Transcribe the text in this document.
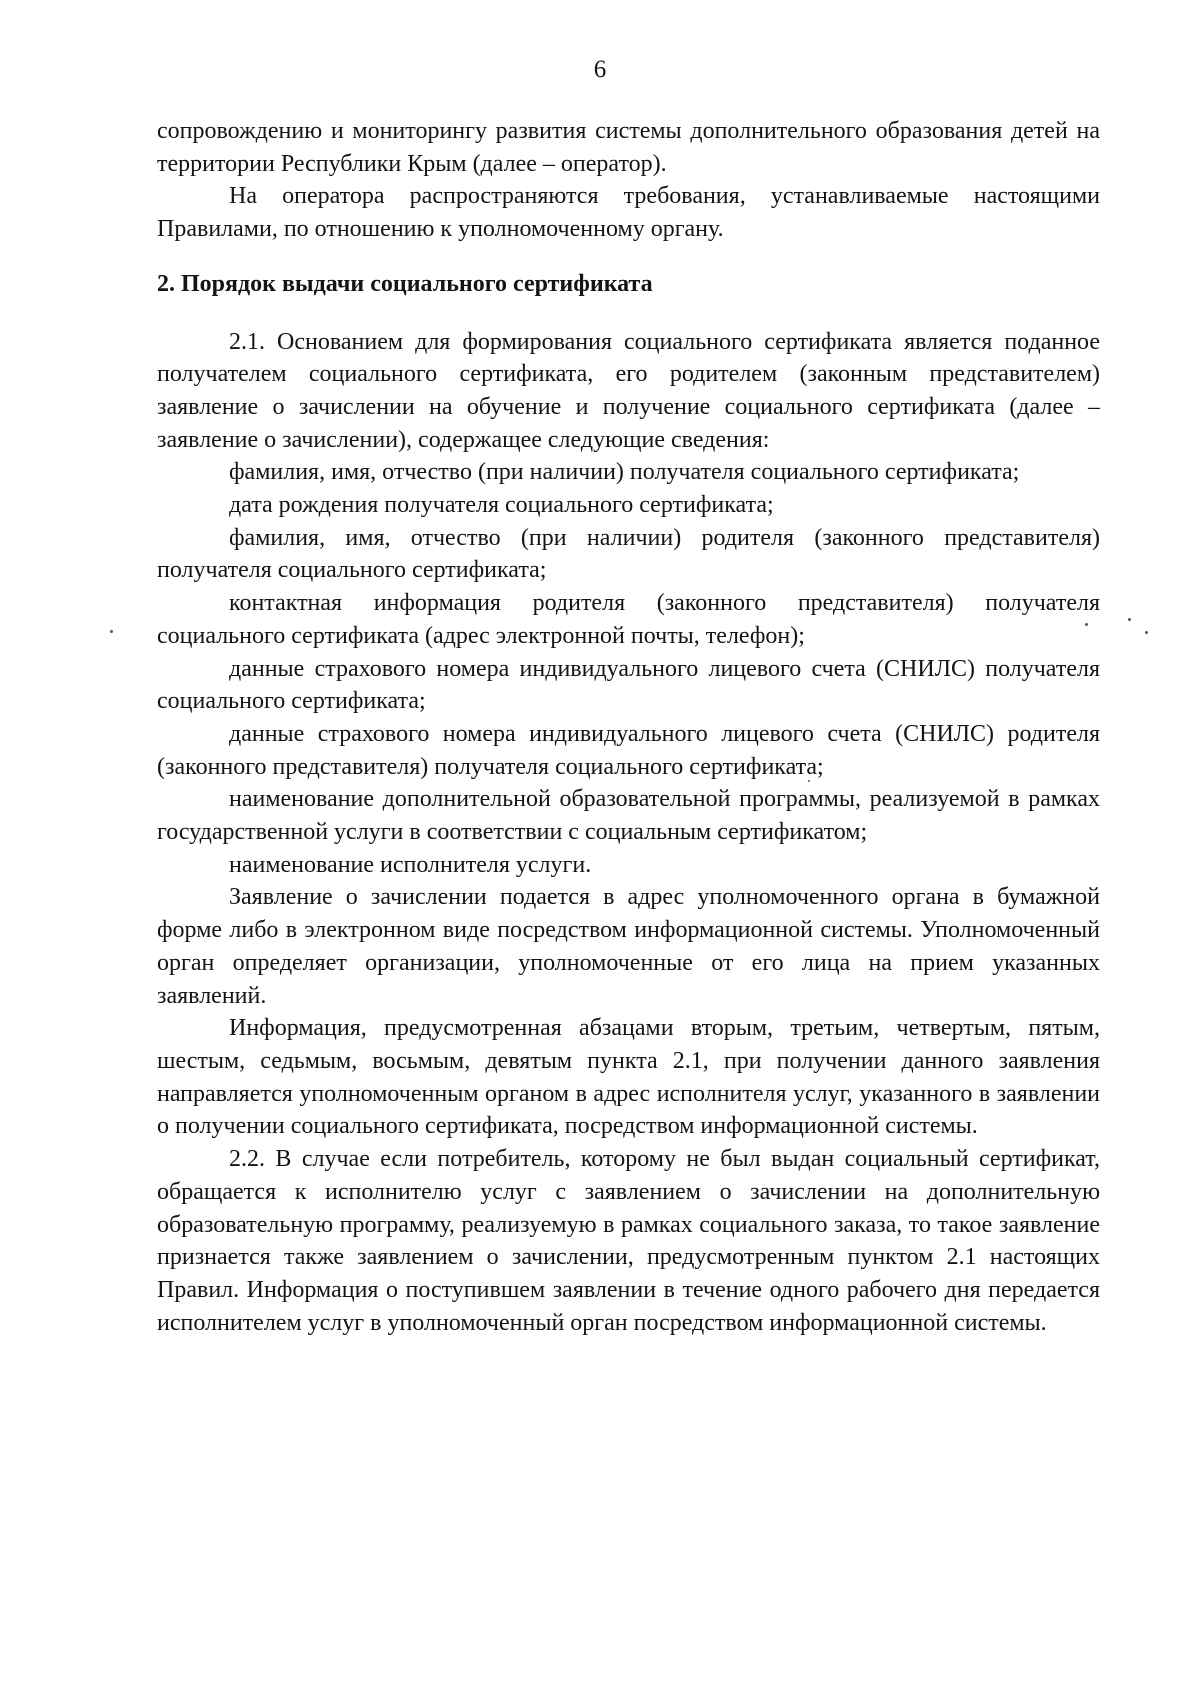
6

сопровождению и мониторингу развития системы дополнительного образования детей на территории Республики Крым (далее – оператор).

На оператора распространяются требования, устанавливаемые настоящими Правилами, по отношению к уполномоченному органу.

2. Порядок выдачи социального сертификата

2.1. Основанием для формирования социального сертификата является поданное получателем социального сертификата, его родителем (законным представителем) заявление о зачислении на обучение и получение социального сертификата (далее – заявление о зачислении), содержащее следующие сведения:

фамилия, имя, отчество (при наличии) получателя социального сертификата;

дата рождения получателя социального сертификата;

фамилия, имя, отчество (при наличии) родителя (законного представителя) получателя социального сертификата;

контактная информация родителя (законного представителя) получателя социального сертификата (адрес электронной почты, телефон);

данные страхового номера индивидуального лицевого счета (СНИЛС) получателя социального сертификата;

данные страхового номера индивидуального лицевого счета (СНИЛС) родителя (законного представителя) получателя социального сертификата;

наименование дополнительной образовательной программы, реализуемой в рамках государственной услуги в соответствии с социальным сертификатом;

наименование исполнителя услуги.

Заявление о зачислении подается в адрес уполномоченного органа в бумажной форме либо в электронном виде посредством информационной системы. Уполномоченный орган определяет организации, уполномоченные от его лица на прием указанных заявлений.

Информация, предусмотренная абзацами вторым, третьим, четвертым, пятым, шестым, седьмым, восьмым, девятым пункта 2.1, при получении данного заявления направляется уполномоченным органом в адрес исполнителя услуг, указанного в заявлении о получении социального сертификата, посредством информационной системы.

2.2. В случае если потребитель, которому не был выдан социальный сертификат, обращается к исполнителю услуг с заявлением о зачислении на дополнительную образовательную программу, реализуемую в рамках социального заказа, то такое заявление признается также заявлением о зачислении, предусмотренным пунктом 2.1 настоящих Правил. Информация о поступившем заявлении в течение одного рабочего дня передается исполнителем услуг в уполномоченный орган посредством информационной системы.
